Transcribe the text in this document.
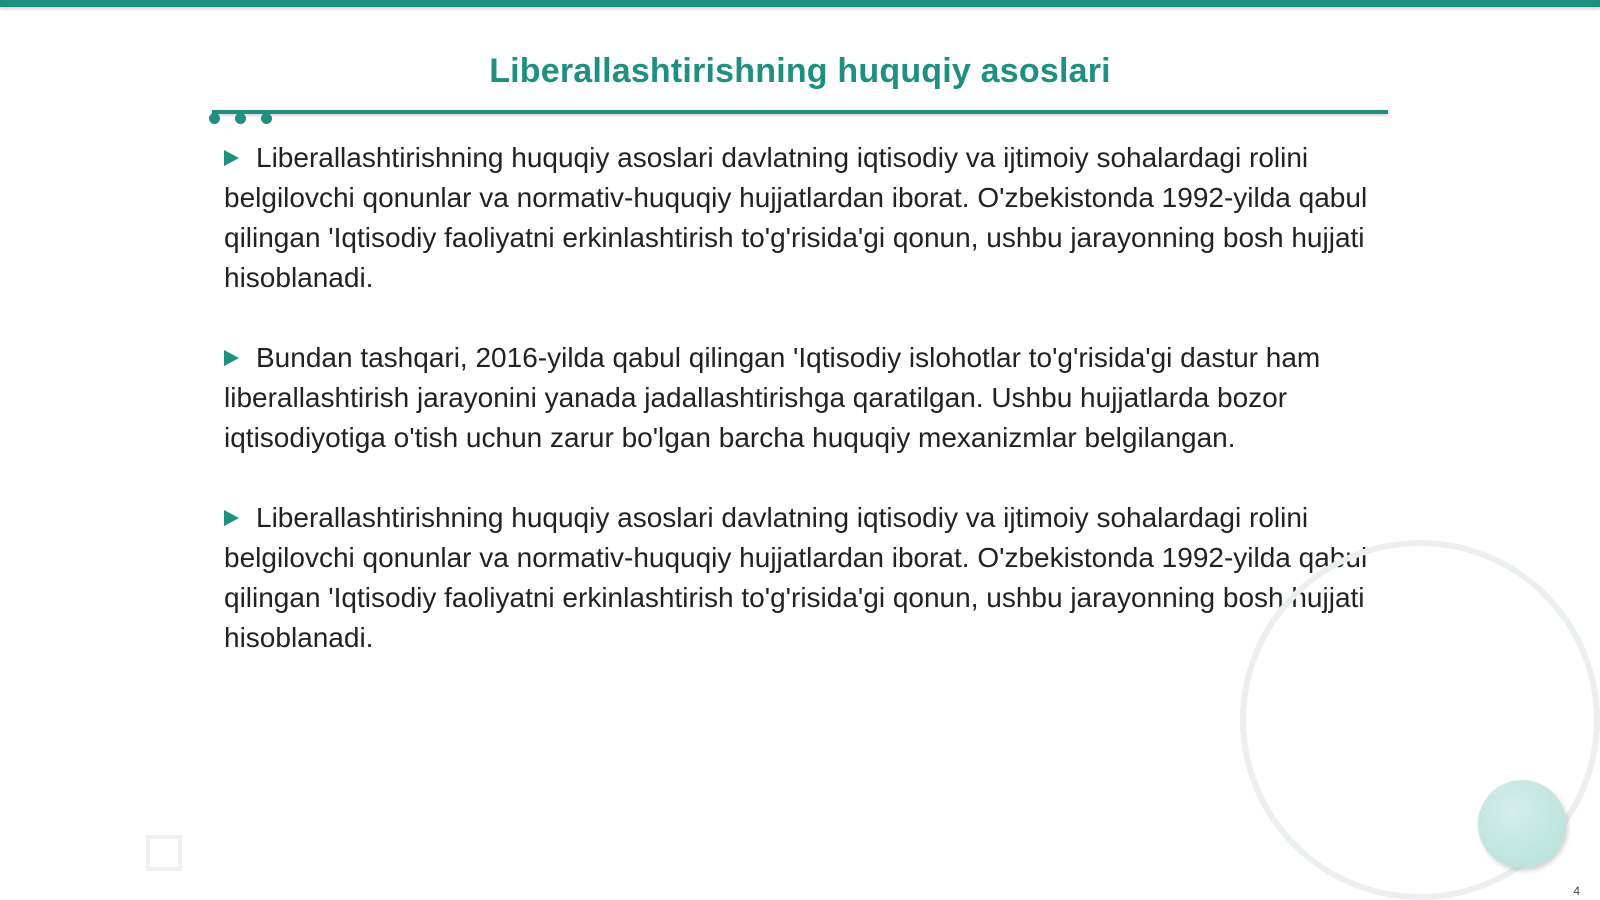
Liberallashtirishning huquqiy asoslari

Liberallashtirishning huquqiy asoslari davlatning iqtisodiy va ijtimoiy sohalardagi rolini belgilovchi qonunlar va normativ-huquqiy hujjatlardan iborat. O'zbekistonda 1992-yilda qabul qilingan 'Iqtisodiy faoliyatni erkinlashtirish to'g'risida'gi qonun, ushbu jarayonning bosh hujjati hisoblanadi.

Bundan tashqari, 2016-yilda qabul qilingan 'Iqtisodiy islohotlar to'g'risida'gi dastur ham liberallashtirish jarayonini yanada jadallashtirishga qaratilgan. Ushbu hujjatlarda bozor iqtisodiyotiga o'tish uchun zarur bo'lgan barcha huquqiy mexanizmlar belgilangan.

Liberallashtirishning huquqiy asoslari davlatning iqtisodiy va ijtimoiy sohalardagi rolini belgilovchi qonunlar va normativ-huquqiy hujjatlardan iborat. O'zbekistonda 1992-yilda qabul qilingan 'Iqtisodiy faoliyatni erkinlashtirish to'g'risida'gi qonun, ushbu jarayonning bosh hujjati hisoblanadi.

4
